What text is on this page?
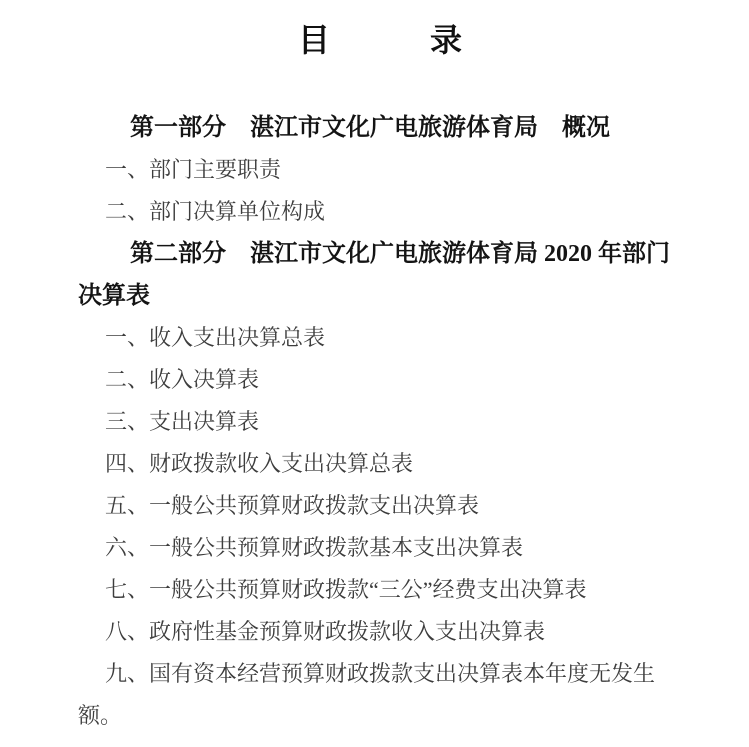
目　　　录
第一部分　湛江市文化广电旅游体育局　概况
一、部门主要职责
二、部门决算单位构成
第二部分　湛江市文化广电旅游体育局 2020 年部门
决算表
一、收入支出决算总表
二、收入决算表
三、支出决算表
四、财政拨款收入支出决算总表
五、一般公共预算财政拨款支出决算表
六、一般公共预算财政拨款基本支出决算表
七、一般公共预算财政拨款“三公”经费支出决算表
八、政府性基金预算财政拨款收入支出决算表
九、国有资本经营预算财政拨款支出决算表本年度无发生
额。
